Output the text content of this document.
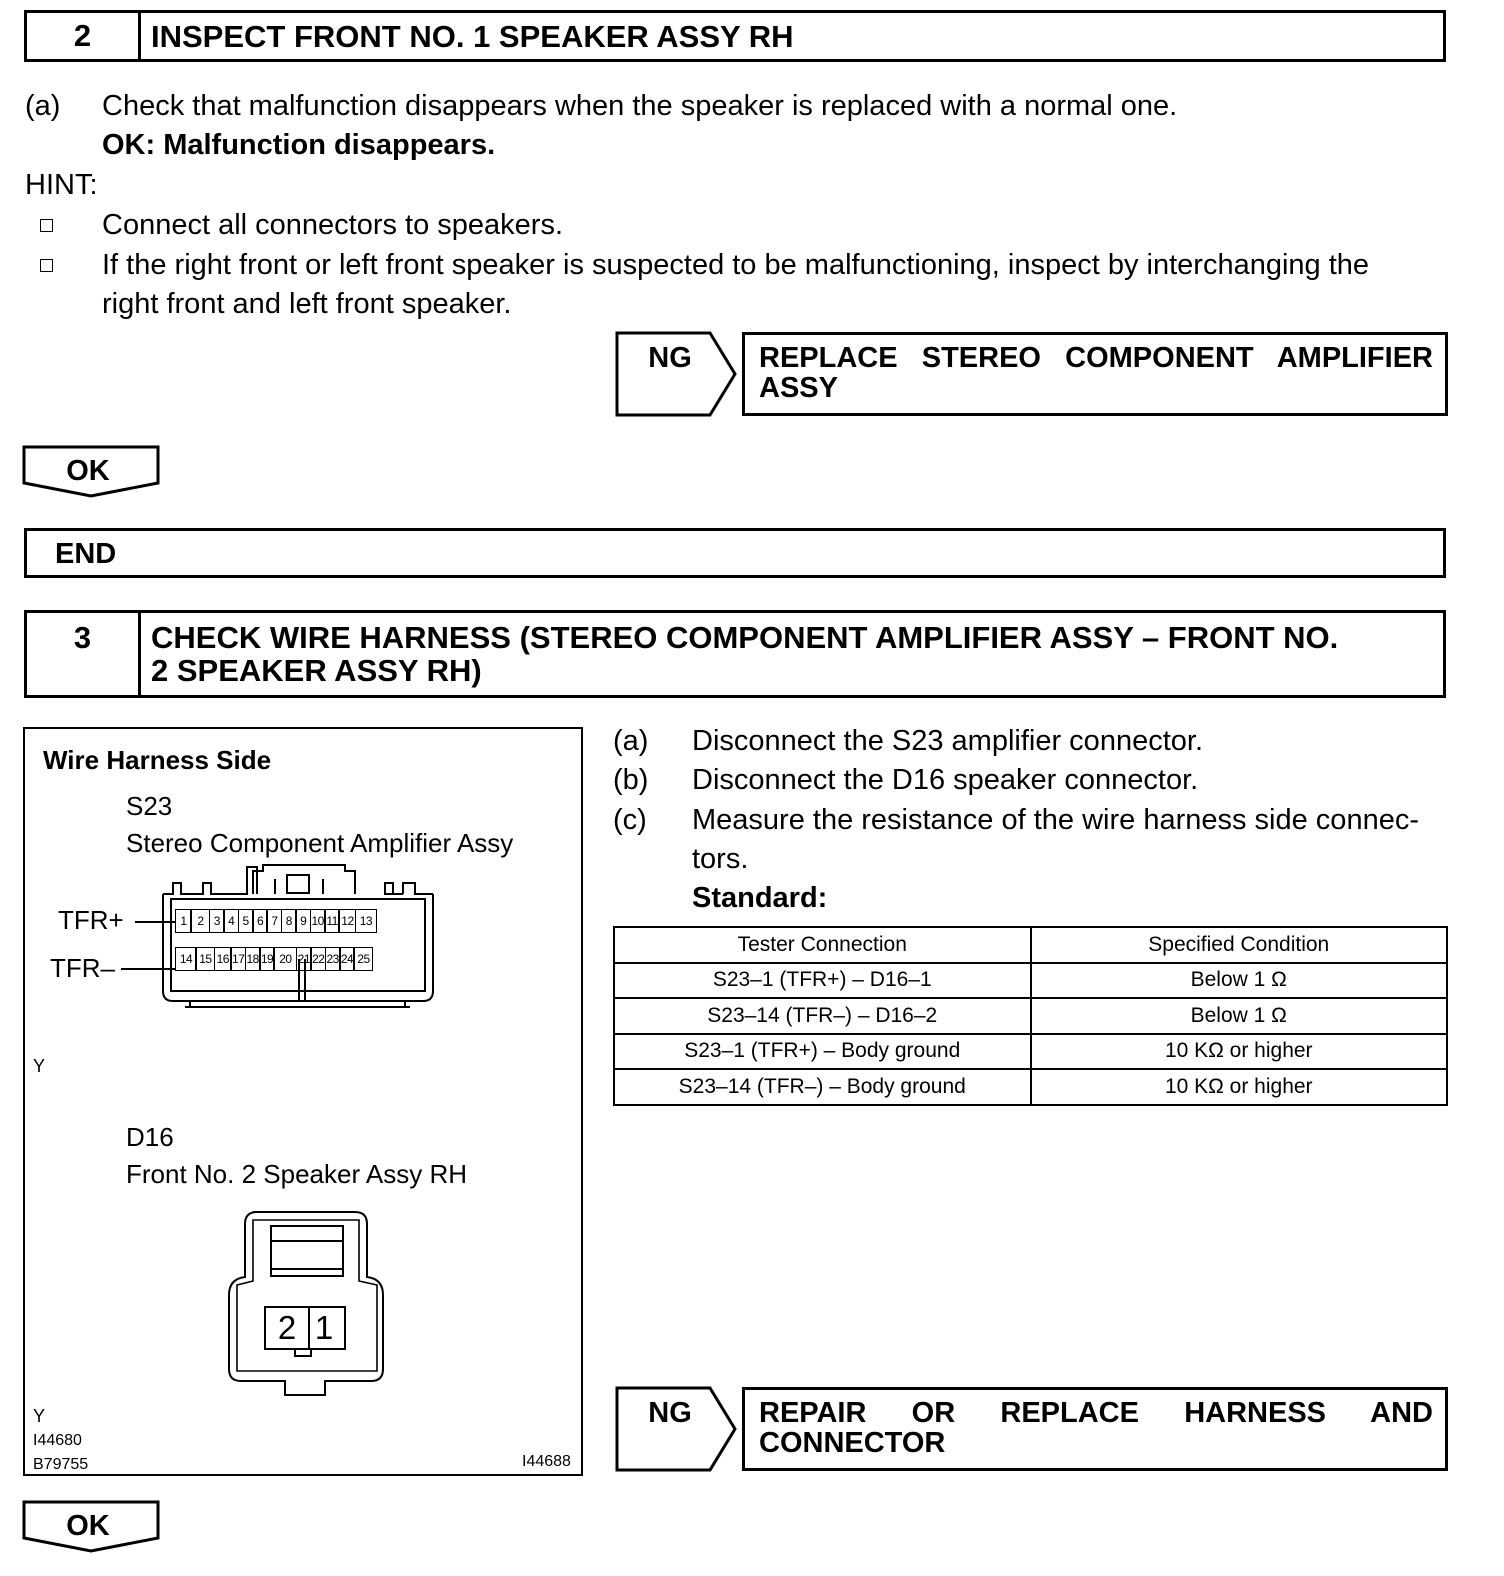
2	INSPECT FRONT NO. 1 SPEAKER ASSY RH
(a) Check that malfunction disappears when the speaker is replaced with a normal one.
OK: Malfunction disappears.
HINT:
Connect all connectors to speakers.
If the right front or left front speaker is suspected to be malfunctioning, inspect by interchanging the
right front and left front speaker.
NG REPLACE STEREO COMPONENT AMPLIFIER
ASSY
OK
END
3	CHECK WIRE HARNESS (STEREO COMPONENT AMPLIFIER ASSY – FRONT NO.
2 SPEAKER ASSY RH)
Wire Harness Side
S23
Stereo Component Amplifier Assy
TFR+
TFR–
1 2 3 4 5 6 7 8 9 10 11 12 13
14 15 16 17 18 19 20 21 22 23 24 25
Y
D16
Front No. 2 Speaker Assy RH
2 1
Y
I44680
B79755	I44688
(a) Disconnect the S23 amplifier connector.
(b) Disconnect the D16 speaker connector.
(c) Measure the resistance of the wire harness side connec-
tors.
Standard:
Tester Connection	Specified Condition
S23–1 (TFR+) – D16–1	Below 1 Ω
S23–14 (TFR–) – D16–2	Below 1 Ω
S23–1 (TFR+) – Body ground	10 KΩ or higher
S23–14 (TFR–) – Body ground	10 KΩ or higher
NG REPAIR OR REPLACE HARNESS AND
CONNECTOR
OK
